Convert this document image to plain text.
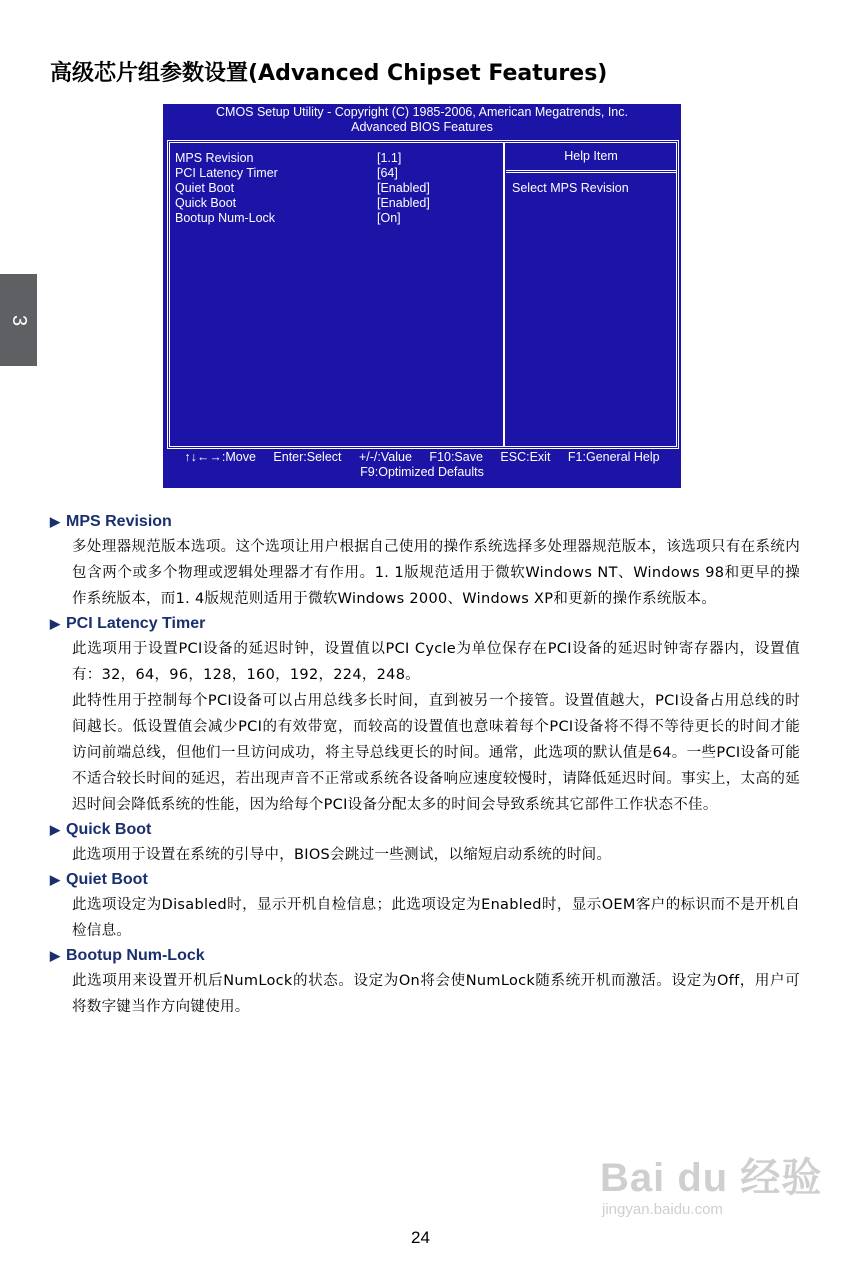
高级芯片组参数设置(Advanced Chipset Features)
3
CMOS Setup Utility - Copyright (C) 1985-2006, American Megatrends, Inc.
Advanced BIOS Features
MPS Revision	[1.1]
PCI Latency Timer	[64]
Quiet Boot	[Enabled]
Quick Boot	[Enabled]
Bootup Num-Lock	[On]
Help Item
Select MPS Revision
↑↓←→:Move Enter:Select +/-/:Value F10:Save ESC:Exit F1:General Help
F9:Optimized Defaults
▶ MPS Revision
多处理器规范版本选项。这个选项让用户根据自己使用的操作系统选择多处理器规范版本，该选项只有在系统内包含两个或多个物理或逻辑处理器才有作用。1. 1版规范适用于微软Windows NT、Windows 98和更早的操作系统版本，而1. 4版规范则适用于微软Windows 2000、Windows XP和更新的操作系统版本。
▶ PCI Latency Timer
此选项用于设置PCI设备的延迟时钟，设置值以PCI Cycle为单位保存在PCI设备的延迟时钟寄存器内，设置值有：32，64，96，128，160，192，224，248。
此特性用于控制每个PCI设备可以占用总线多长时间，直到被另一个接管。设置值越大，PCI设备占用总线的时间越长。低设置值会减少PCI的有效带宽，而较高的设置值也意味着每个PCI设备将不得不等待更长的时间才能访问前端总线，但他们一旦访问成功，将主导总线更长的时间。通常，此选项的默认值是64。一些PCI设备可能不适合较长时间的延迟，若出现声音不正常或系统各设备响应速度较慢时，请降低延迟时间。事实上，太高的延迟时间会降低系统的性能，因为给每个PCI设备分配太多的时间会导致系统其它部件工作状态不佳。
▶ Quick Boot
此选项用于设置在系统的引导中，BIOS会跳过一些测试，以缩短启动系统的时间。
▶ Quiet Boot
此选项设定为Disabled时，显示开机自检信息；此选项设定为Enabled时，显示OEM客户的标识而不是开机自检信息。
▶ Bootup Num-Lock
此选项用来设置开机后NumLock的状态。设定为On将会使NumLock随系统开机而激活。设定为Off，用户可将数字键当作方向键使用。
Bai du 经验
jingyan.baidu.com
24
